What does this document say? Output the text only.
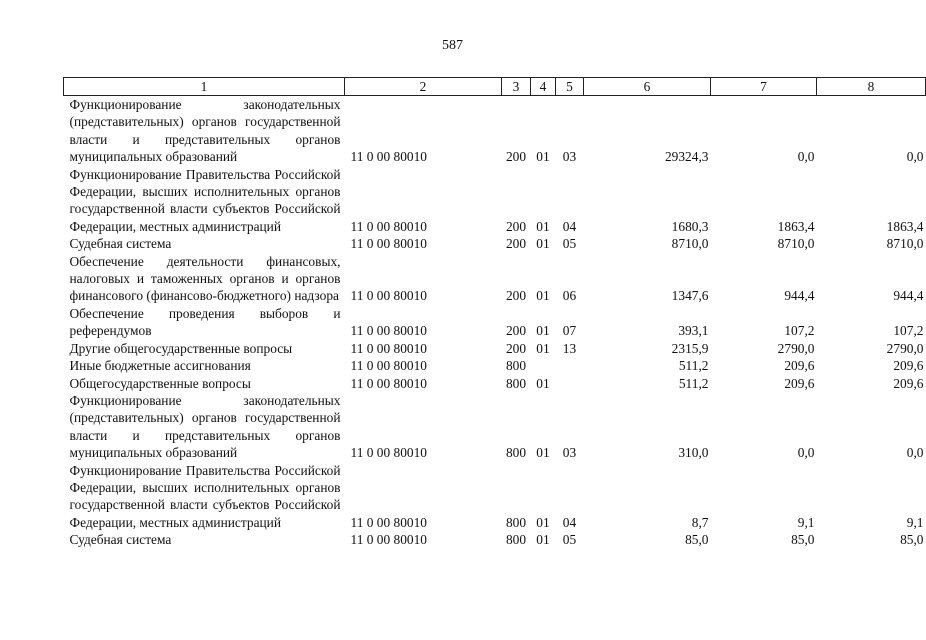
587
1	2	3	4	5	6	7	8
Функционирование законодательных (представительных) органов государственной власти и представительных органов муниципальных образований	11 0 00 80010	200	01	03	29324,3	0,0	0,0
Функционирование Правительства Российской Федерации, высших исполнительных органов государственной власти субъектов Российской Федерации, местных администраций	11 0 00 80010	200	01	04	1680,3	1863,4	1863,4
Судебная система	11 0 00 80010	200	01	05	8710,0	8710,0	8710,0
Обеспечение деятельности финансовых, налоговых и таможенных органов и органов финансового (финансово-бюджетного) надзора	11 0 00 80010	200	01	06	1347,6	944,4	944,4
Обеспечение проведения выборов и референдумов	11 0 00 80010	200	01	07	393,1	107,2	107,2
Другие общегосударственные вопросы	11 0 00 80010	200	01	13	2315,9	2790,0	2790,0
Иные бюджетные ассигнования	11 0 00 80010	800			511,2	209,6	209,6
Общегосударственные вопросы	11 0 00 80010	800	01		511,2	209,6	209,6
Функционирование законодательных (представительных) органов государственной власти и представительных органов муниципальных образований	11 0 00 80010	800	01	03	310,0	0,0	0,0
Функционирование Правительства Российской Федерации, высших исполнительных органов государственной власти субъектов Российской Федерации, местных администраций	11 0 00 80010	800	01	04	8,7	9,1	9,1
Судебная система	11 0 00 80010	800	01	05	85,0	85,0	85,0
